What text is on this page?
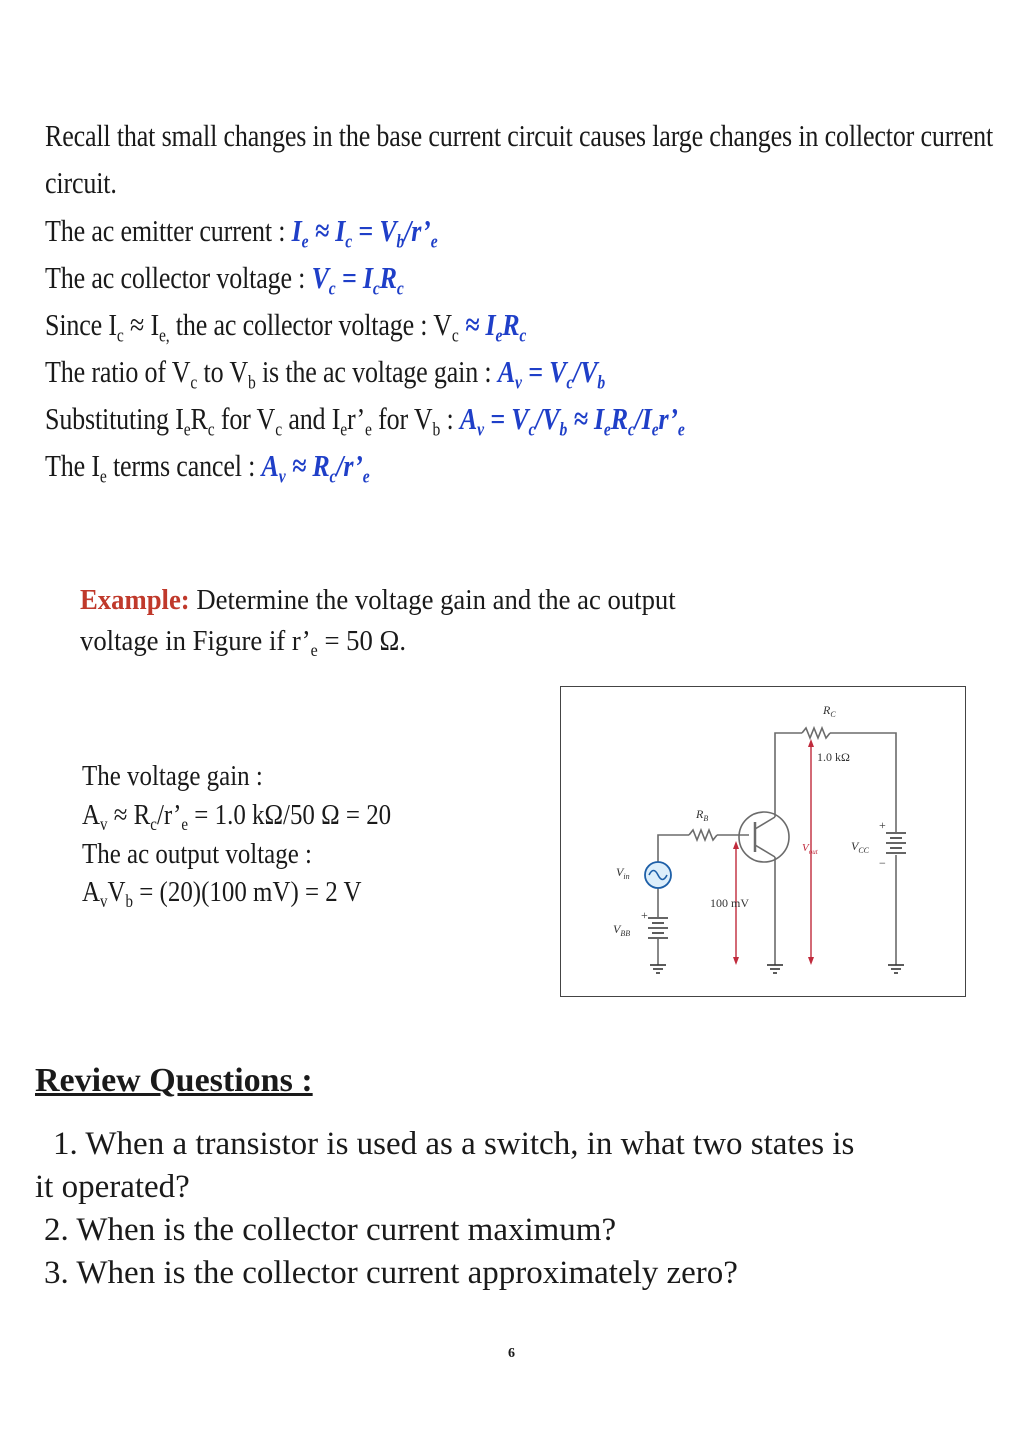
Recall that small changes in the base current circuit causes large changes in collector current
circuit.
The ac emitter current : $I_e \approx I_c$ = $V_b/r’_e$
The ac collector voltage : $V_c = I_cR_c$
Since $I_c \approx I_{e,}$ the ac collector voltage : $V_c \approx I_eR_c$
The ratio of $V_c$ to $V_b$ is the ac voltage gain : $A_v = V_c/V_b$
Substituting $I_eR_c$ for $V_c$ and $I_er’_e$ for $V_b$ : $A_v = V_c/V_b$ ≈ $I_eR_c/I_er’_e$
The $I_e$ terms cancel : $A_v$ ≈ $R_c/r’_e$
Example: Determine the voltage gain and the ac output
voltage in Figure if $r’_e = 50$ Ω.
The voltage gain :
$A_v$ ≈ $R_c/r’_e = 1.0$ kΩ/50 Ω = 20
The ac output voltage :
$A_vV_b = (20)(100$ mV) = 2 V
$R_C$
1.0 kΩ
$R_B$
$V_{in}$
$V_{BB}$
+
100 mV
$V_{out}$	$V_{CC}$
+
−
Review Questions :
1. When a transistor is used as a switch, in what two states is
it operated?
2. When is the collector current maximum?
3. When is the collector current approximately zero?
6
